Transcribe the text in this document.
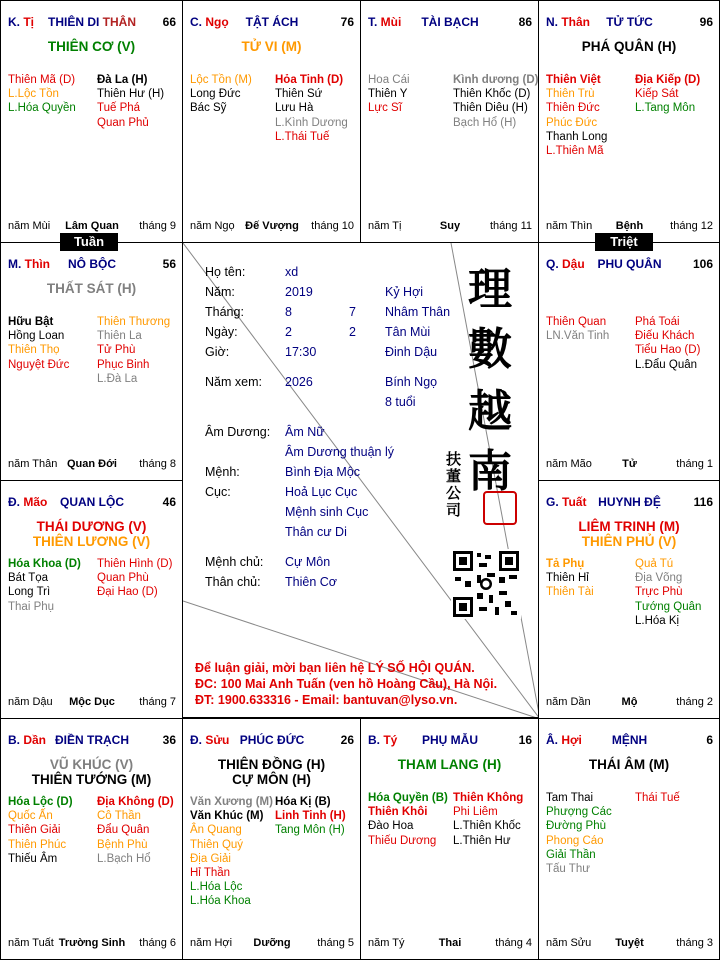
K. Tị	THIÊN DI THÂN	66
THIÊN CƠ (V)
Thiên Mã (D)
L.Lộc Tồn
L.Hóa Quyền
Đà La (H)
Thiên Hư (H)
Tuế Phá
Quan Phủ
năm Mùi	Lâm Quan	tháng 9
C. Ngọ	TẬT ÁCH	76
TỬ VI (M)
Lộc Tồn (M)
Long Đức
Bác Sỹ
Hỏa Tinh (D)
Thiên Sứ
Lưu Hà
L.Kình Dương
L.Thái Tuế
năm Ngọ Đế Vượng	tháng 10
T. Mùi	TÀI BẠCH	86
Hoa Cái
Thiên Y
Lực Sĩ
Kình dương (D)
Thiên Khốc (D)
Thiên Diêu (H)
Bạch Hổ (H)
năm Tị	Suy	tháng 11
N. Thân	TỬ TỨC	96
PHÁ QUÂN (H)
Thiên Việt
Thiên Trù
Thiên Đức
Phúc Đức
Thanh Long
L.Thiên Mã
Địa Kiếp (D)
Kiếp Sát
L.Tang Môn
năm Thìn	Bệnh	tháng 12
M. Thìn	NÔ BỘC	56
THẤT SÁT (H)
Hữu Bật
Hồng Loan
Thiên Thọ
Nguyệt Đức
Thiên Thương
Thiên La
Tử Phù
Phục Binh
L.Đà La
năm Thân Quan Đới	tháng 8
Q. Dậu	PHU QUÂN	106
Thiên Quan
LN.Văn Tinh
Phá Toái
Điếu Khách
Tiểu Hao (D)
L.Đẩu Quân
năm Mão	Tử	tháng 1
Đ. Mão	QUAN LỘC	46
THÁI DƯƠNG (V)
THIÊN LƯƠNG (V)
Hóa Khoa (D)
Bát Tọa
Long Trì
Thai Phụ
Thiên Hình (D)
Quan Phù
Đại Hao (D)
năm Dậu	Mộc Dục	tháng 7
G. Tuất HUYNH ĐỆ	116
LIÊM TRINH (M)
THIÊN PHỦ (V)
Tả Phụ
Thiên Hỉ
Thiên Tài
Quả Tú
Địa Võng
Trực Phù
Tướng Quân
L.Hóa Kị
năm Dần	Mộ	tháng 2
B. Dần ĐIỀN TRẠCH	36
VŨ KHÚC (V)
THIÊN TƯỚNG (M)
Hóa Lộc (D)
Quốc Ấn
Thiên Giải
Thiên Phúc
Thiếu Âm
Địa Không (D)
Cô Thần
Đẩu Quân
Bệnh Phù
L.Bạch Hổ
năm Tuất Trường Sinh	tháng 6
Đ. Sửu PHÚC ĐỨC	26
THIÊN ĐỒNG (H)
CỰ MÔN (H)
Văn Xương (M)
Văn Khúc (M)
Ân Quang
Thiên Quý
Địa Giải
Hỉ Thần
L.Hóa Lộc
L.Hóa Khoa
Hóa Kị (B)
Linh Tinh (H)
Tang Môn (H)
năm Hợi	Dưỡng	tháng 5
B. Tý	PHỤ MẪU	16
THAM LANG (H)
Hóa Quyền (B)
Thiên Khôi
Đào Hoa
Thiếu Dương
Thiên Không
Phi Liêm
L.Thiên Khốc
L.Thiên Hư
năm Tý	Thai	tháng 4
Â. Hợi	MỆNH	6
THÁI ÂM (M)
Tam Thai
Phượng Các
Đường Phù
Phong Cáo
Giải Thần
Tấu Thư
Thái Tuế
năm Sửu	Tuyệt	tháng 3
Họ tên:	xd
Năm:	2019	Kỷ Hợi
Tháng:	8	7 Nhâm Thân
Ngày:	2	2 Tân Mùi
Giờ:	17:30	Đinh Dậu
Năm xem: 2026	Bính Ngọ
8 tuổi
Âm Dương: Âm Nữ
Âm Dương thuận lý
Mệnh:	Bình Địa Mộc
Cục:	Hoả Lục Cục
Mệnh sinh Cục
Thân cư Di
Mệnh chủ: Cự Môn
Thân chủ: Thiên Cơ
理
數
越
南
扶董公司
Để luận giải, mời bạn liên hệ LÝ SỐ HỘI QUÁN.
ĐC: 100 Mai Anh Tuấn (ven hồ Hoàng Cầu), Hà Nội.
ĐT: 1900.633316 - Email: bantuvan@lyso.vn.
Tuần	Triệt
